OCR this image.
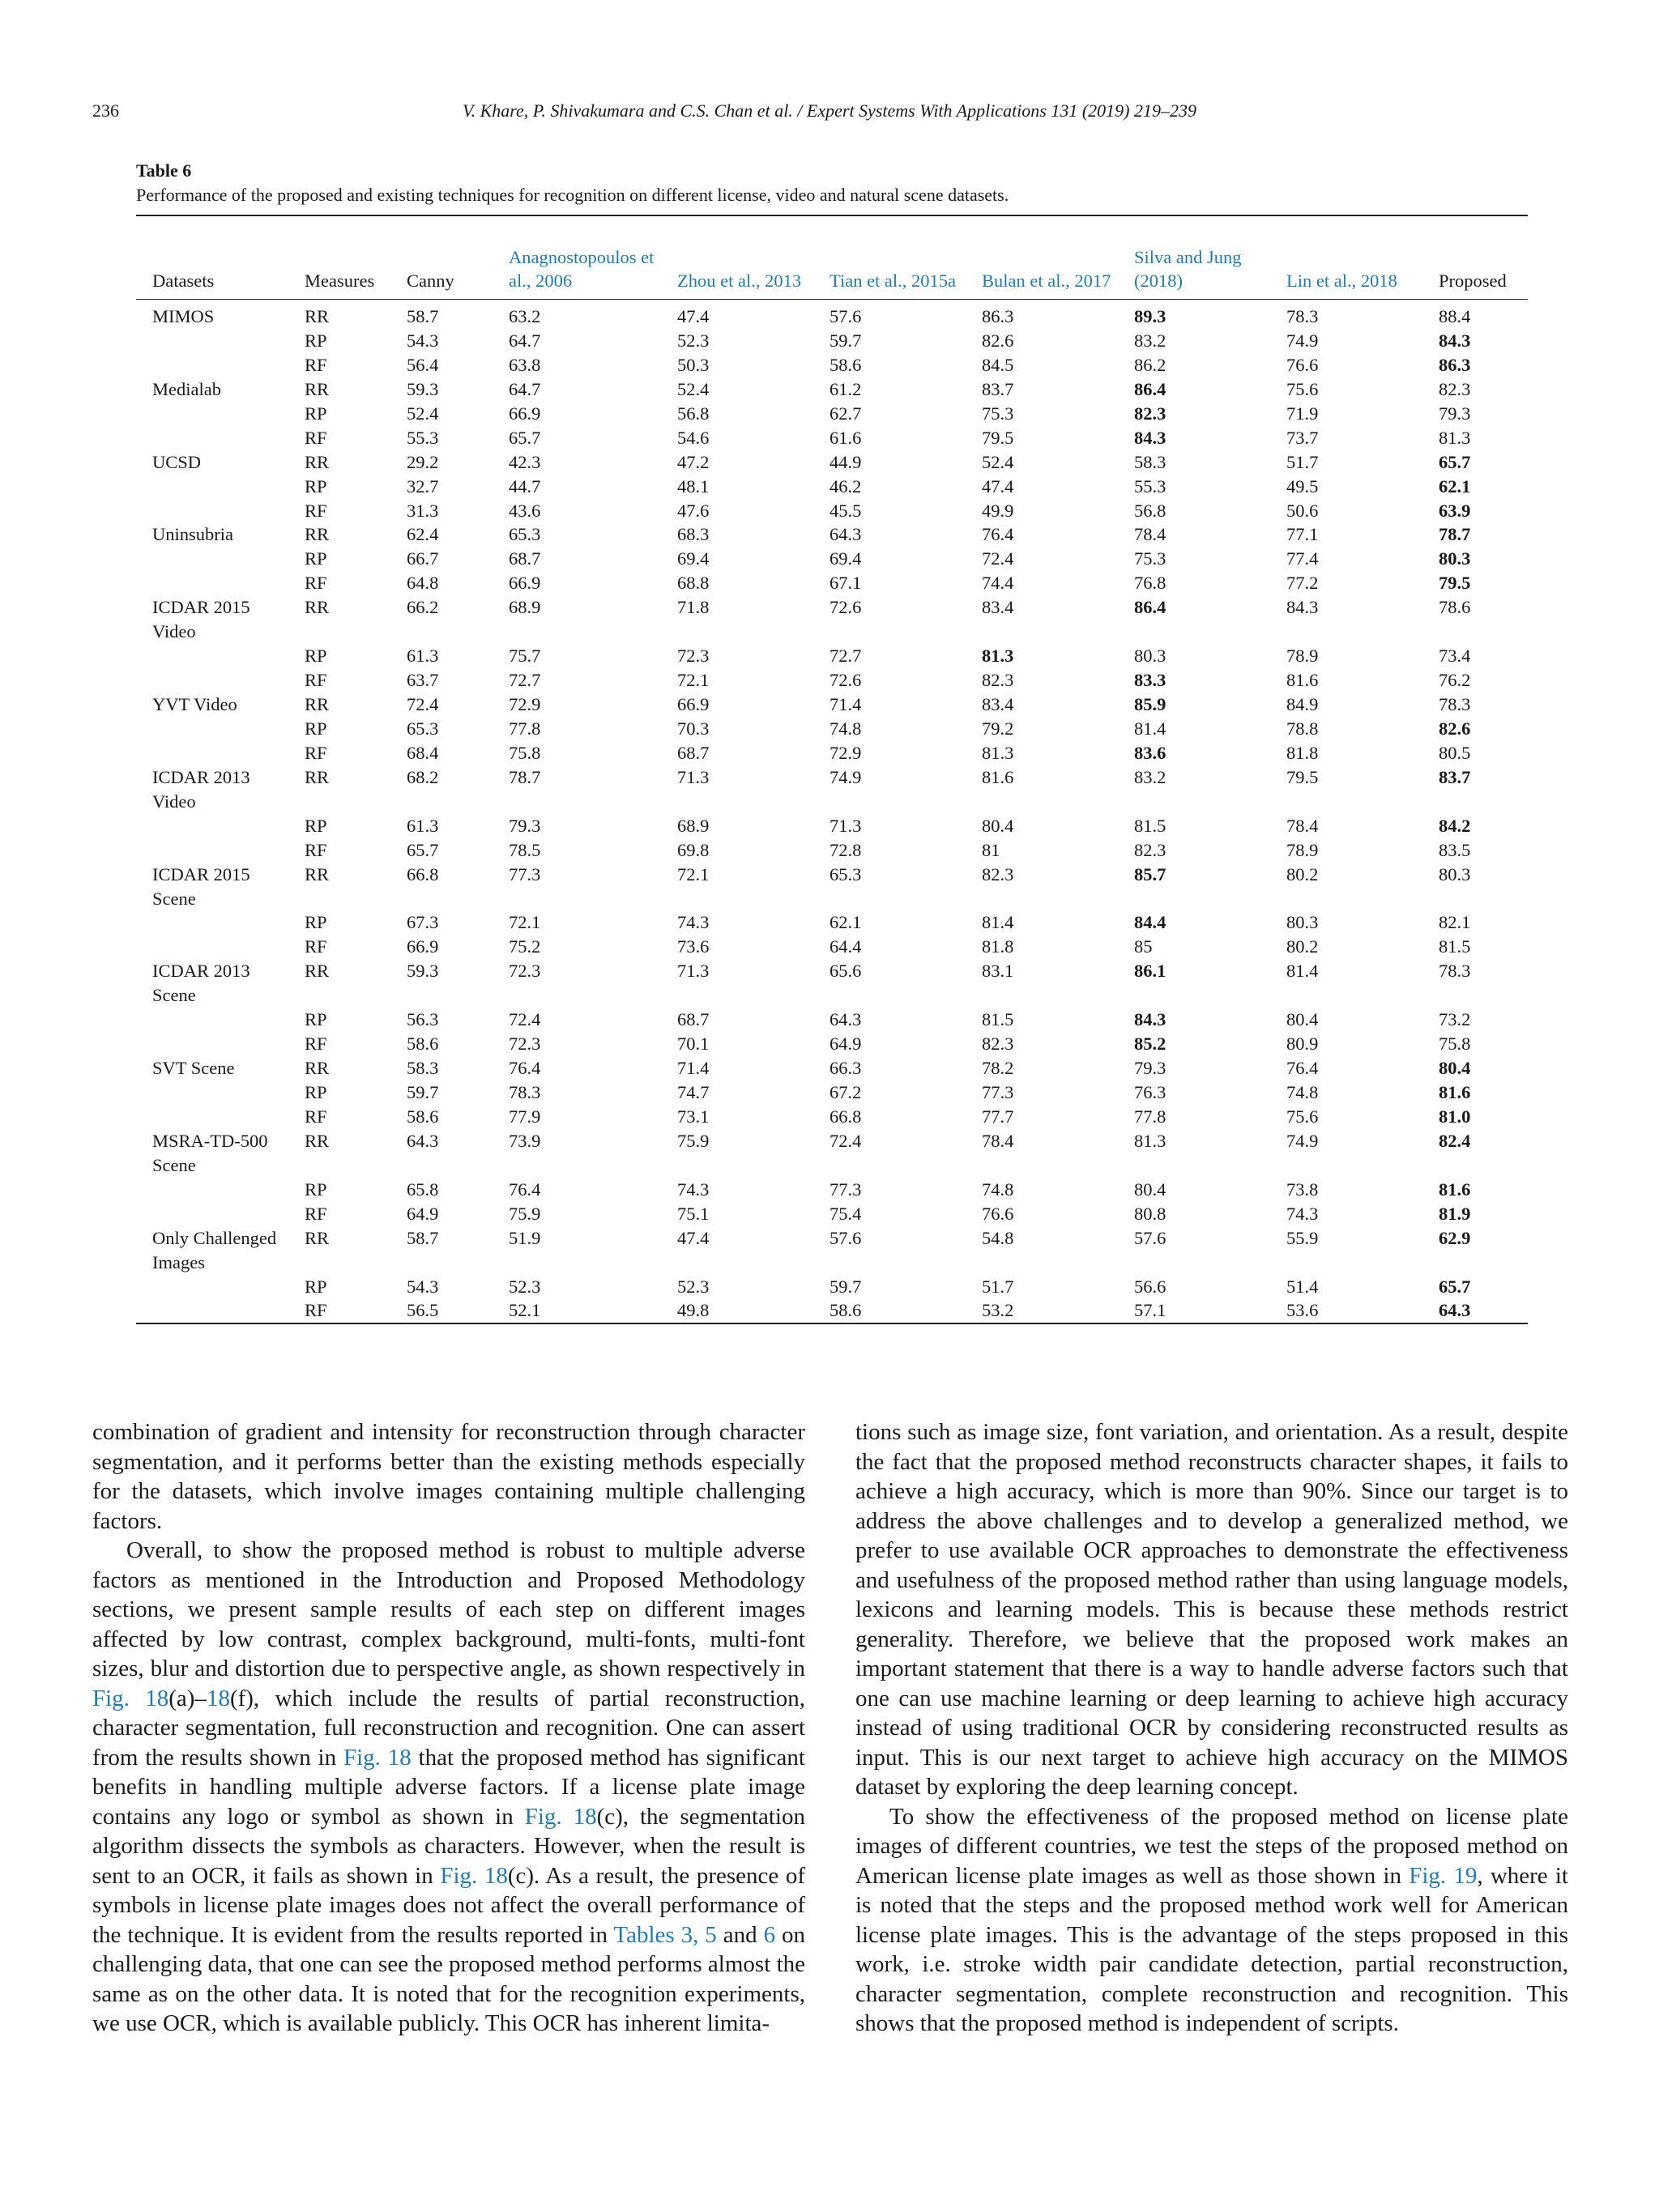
236	V. Khare, P. Shivakumara and C.S. Chan et al. / Expert Systems With Applications 131 (2019) 219–239
Table 6
Performance of the proposed and existing techniques for recognition on different license, video and natural scene datasets.
Datasets	Measures	Canny	Anagnostopoulos et al., 2006	Zhou et al., 2013	Tian et al., 2015a	Bulan et al., 2017	Silva and Jung (2018)	Lin et al., 2018	Proposed
MIMOS	RR	58.7	63.2	47.4	57.6	86.3	89.3	78.3	88.4
	RP	54.3	64.7	52.3	59.7	82.6	83.2	74.9	84.3
	RF	56.4	63.8	50.3	58.6	84.5	86.2	76.6	86.3
Medialab	RR	59.3	64.7	52.4	61.2	83.7	86.4	75.6	82.3
	RP	52.4	66.9	56.8	62.7	75.3	82.3	71.9	79.3
	RF	55.3	65.7	54.6	61.6	79.5	84.3	73.7	81.3
UCSD	RR	29.2	42.3	47.2	44.9	52.4	58.3	51.7	65.7
	RP	32.7	44.7	48.1	46.2	47.4	55.3	49.5	62.1
	RF	31.3	43.6	47.6	45.5	49.9	56.8	50.6	63.9
Uninsubria	RR	62.4	65.3	68.3	64.3	76.4	78.4	77.1	78.7
	RP	66.7	68.7	69.4	69.4	72.4	75.3	77.4	80.3
	RF	64.8	66.9	68.8	67.1	74.4	76.8	77.2	79.5
ICDAR 2015 Video	RR	66.2	68.9	71.8	72.6	83.4	86.4	84.3	78.6
	RP	61.3	75.7	72.3	72.7	81.3	80.3	78.9	73.4
	RF	63.7	72.7	72.1	72.6	82.3	83.3	81.6	76.2
YVT Video	RR	72.4	72.9	66.9	71.4	83.4	85.9	84.9	78.3
	RP	65.3	77.8	70.3	74.8	79.2	81.4	78.8	82.6
	RF	68.4	75.8	68.7	72.9	81.3	83.6	81.8	80.5
ICDAR 2013 Video	RR	68.2	78.7	71.3	74.9	81.6	83.2	79.5	83.7
	RP	61.3	79.3	68.9	71.3	80.4	81.5	78.4	84.2
	RF	65.7	78.5	69.8	72.8	81	82.3	78.9	83.5
ICDAR 2015 Scene	RR	66.8	77.3	72.1	65.3	82.3	85.7	80.2	80.3
	RP	67.3	72.1	74.3	62.1	81.4	84.4	80.3	82.1
	RF	66.9	75.2	73.6	64.4	81.8	85	80.2	81.5
ICDAR 2013 Scene	RR	59.3	72.3	71.3	65.6	83.1	86.1	81.4	78.3
	RP	56.3	72.4	68.7	64.3	81.5	84.3	80.4	73.2
	RF	58.6	72.3	70.1	64.9	82.3	85.2	80.9	75.8
SVT Scene	RR	58.3	76.4	71.4	66.3	78.2	79.3	76.4	80.4
	RP	59.7	78.3	74.7	67.2	77.3	76.3	74.8	81.6
	RF	58.6	77.9	73.1	66.8	77.7	77.8	75.6	81.0
MSRA-TD-500 Scene	RR	64.3	73.9	75.9	72.4	78.4	81.3	74.9	82.4
	RP	65.8	76.4	74.3	77.3	74.8	80.4	73.8	81.6
	RF	64.9	75.9	75.1	75.4	76.6	80.8	74.3	81.9
Only Challenged Images	RR	58.7	51.9	47.4	57.6	54.8	57.6	55.9	62.9
	RP	54.3	52.3	52.3	59.7	51.7	56.6	51.4	65.7
	RF	56.5	52.1	49.8	58.6	53.2	57.1	53.6	64.3

combination of gradient and intensity for reconstruction through character segmentation, and it performs better than the existing methods especially for the datasets, which involve images containing multiple challenging factors.

Overall, to show the proposed method is robust to multiple adverse factors as mentioned in the Introduction and Proposed Methodology sections, we present sample results of each step on different images affected by low contrast, complex background, multi-fonts, multi-font sizes, blur and distortion due to perspective angle, as shown respectively in Fig. 18(a)–18(f), which include the results of partial reconstruction, character segmentation, full reconstruction and recognition. One can assert from the results shown in Fig. 18 that the proposed method has significant benefits in handling multiple adverse factors. If a license plate image contains any logo or symbol as shown in Fig. 18(c), the segmentation algorithm dissects the symbols as characters. However, when the result is sent to an OCR, it fails as shown in Fig. 18(c). As a result, the presence of symbols in license plate images does not affect the overall performance of the technique. It is evident from the results reported in Tables 3, 5 and 6 on challenging data, that one can see the proposed method performs almost the same as on the other data. It is noted that for the recognition experiments, we use OCR, which is available publicly. This OCR has inherent limita-

tions such as image size, font variation, and orientation. As a result, despite the fact that the proposed method reconstructs character shapes, it fails to achieve a high accuracy, which is more than 90%. Since our target is to address the above challenges and to develop a generalized method, we prefer to use available OCR approaches to demonstrate the effectiveness and usefulness of the proposed method rather than using language models, lexicons and learning models. This is because these methods restrict generality. Therefore, we believe that the proposed work makes an important statement that there is a way to handle adverse factors such that one can use machine learning or deep learning to achieve high accuracy instead of using traditional OCR by considering reconstructed results as input. This is our next target to achieve high accuracy on the MIMOS dataset by exploring the deep learning concept.

To show the effectiveness of the proposed method on license plate images of different countries, we test the steps of the proposed method on American license plate images as well as those shown in Fig. 19, where it is noted that the steps and the proposed method work well for American license plate images. This is the advantage of the steps proposed in this work, i.e. stroke width pair candidate detection, partial reconstruction, character segmentation, complete reconstruction and recognition. This shows that the proposed method is independent of scripts.
